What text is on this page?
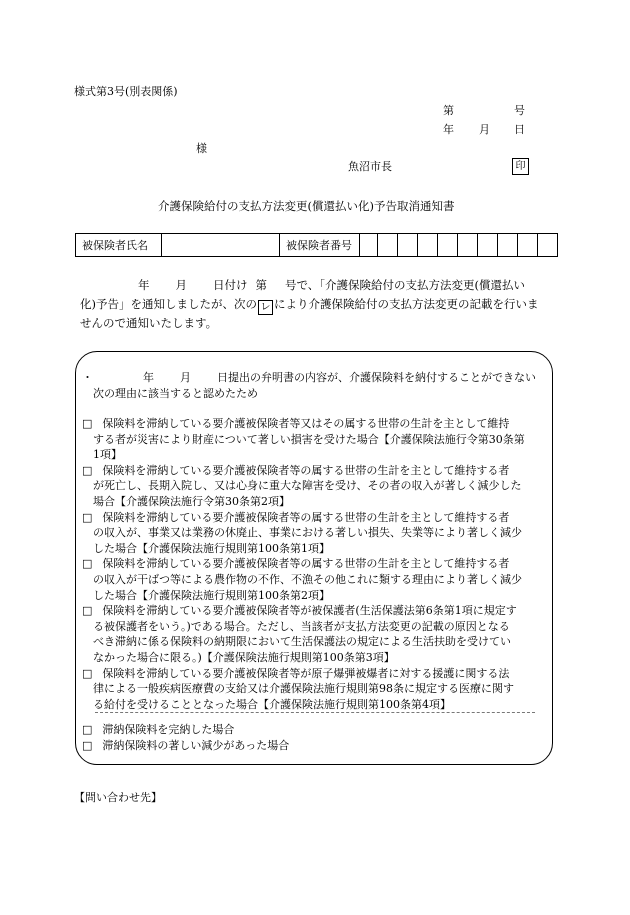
様式第3号(別表関係)
第	号
年 月 日
様
魚沼市長	印
介護保険給付の支払方法変更(償還払い化)予告取消通知書
被保険者氏名		被保険者番号										
年 月 日付け 第 号で、「介護保険給付の支払方法変更(償還払い
化)予告」を通知しましたが、次の レ により介護保険給付の支払方法変更の記載を行いま
せんので通知いたします。
・	年 月 日提出の弁明書の内容が、介護保険料を納付することができない
次の理由に該当すると認めたため
□ 保険料を滞納している要介護被保険者等又はその属する世帯の生計を主として維持
する者が災害により財産について著しい損害を受けた場合【介護保険法施行令第30条第
1項】
□ 保険料を滞納している要介護被保険者等の属する世帯の生計を主として維持する者
が死亡し、長期入院し、又は心身に重大な障害を受け、その者の収入が著しく減少した
場合【介護保険法施行令第30条第2項】
□ 保険料を滞納している要介護被保険者等の属する世帯の生計を主として維持する者
の収入が、事業又は業務の休廃止、事業における著しい損失、失業等により著しく減少
した場合【介護保険法施行規則第100条第1項】
□ 保険料を滞納している要介護被保険者等の属する世帯の生計を主として維持する者
の収入が干ばつ等による農作物の不作、不漁その他これに類する理由により著しく減少
した場合【介護保険法施行規則第100条第2項】
□ 保険料を滞納している要介護被保険者等が被保護者(生活保護法第6条第1項に規定す
る被保護者をいう。)である場合。ただし、当該者が支払方法変更の記載の原因となる
べき滞納に係る保険料の納期限において生活保護法の規定による生活扶助を受けてい
なかった場合に限る。)【介護保険法施行規則第100条第3項】
□ 保険料を滞納している要介護被保険者等が原子爆弾被爆者に対する援護に関する法
律による一般疾病医療費の支給又は介護保険法施行規則第98条に規定する医療に関す
る給付を受けることとなった場合【介護保険法施行規則第100条第4項】
□ 滞納保険料を完納した場合
□ 滞納保険料の著しい減少があった場合
【問い合わせ先】
